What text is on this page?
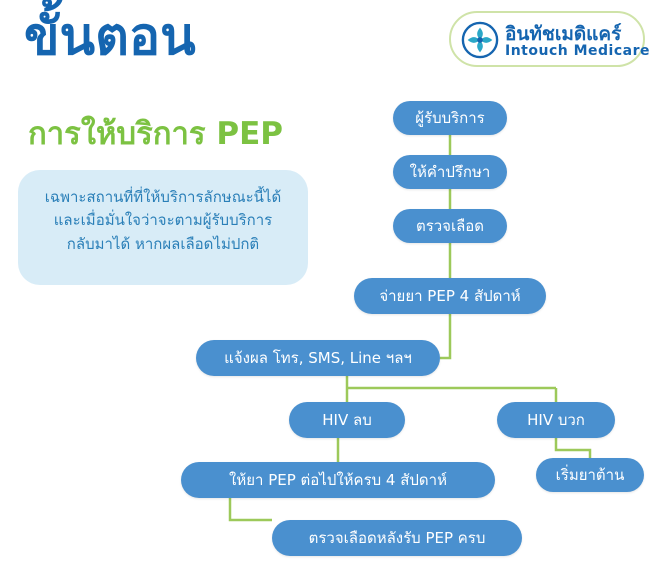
ขั้นตอน
การให้บริการ PEP
อินทัชเมดิแคร์
Intouch Medicare
เฉพาะสถานที่ที่ให้บริการลักษณะนี้ได้
และเมื่อมั่นใจว่าจะตามผู้รับบริการ
กลับมาได้ หากผลเลือดไม่ปกติ
ผู้รับบริการ
ให้คำปรึกษา
ตรวจเลือด
จ่ายยา PEP 4 สัปดาห์
แจ้งผล โทร, SMS, Line ฯลฯ
HIV ลบ	HIV บวก
ให้ยา PEP ต่อไปให้ครบ 4 สัปดาห์	เริ่มยาต้าน
ตรวจเลือดหลังรับ PEP ครบ
